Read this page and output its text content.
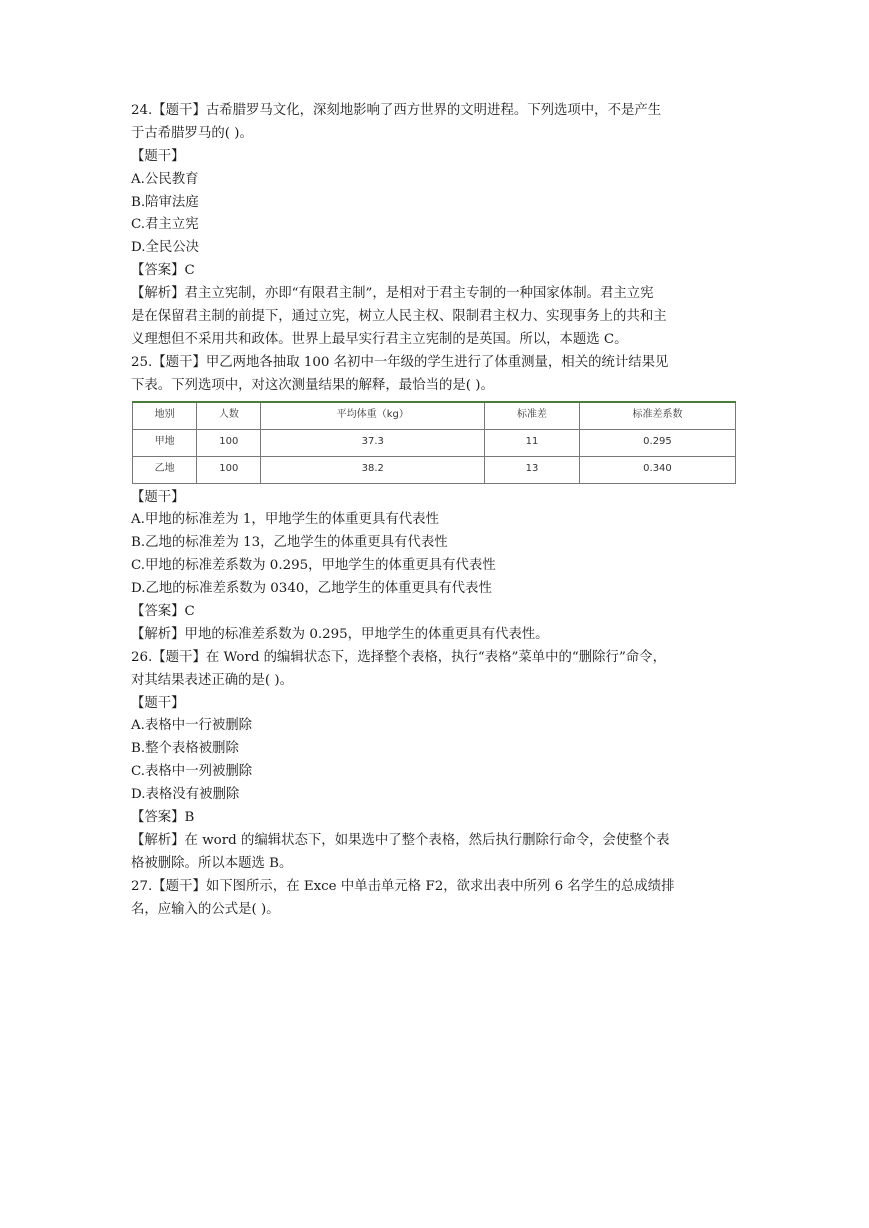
24.【题干】古希腊罗马文化，深刻地影响了西方世界的文明进程。下列选项中，不是产生
于古希腊罗马的( )。
【题干】
A.公民教育
B.陪审法庭
C.君主立宪
D.全民公决
【答案】C
【解析】君主立宪制，亦即“有限君主制”，是相对于君主专制的一种国家体制。君主立宪
是在保留君主制的前提下，通过立宪，树立人民主权、限制君主权力、实现事务上的共和主
义理想但不采用共和政体。世界上最早实行君主立宪制的是英国。所以，本题选 C。
25.【题干】甲乙两地各抽取 100 名初中一年级的学生进行了体重测量，相关的统计结果见
下表。下列选项中，对这次测量结果的解释，最恰当的是( )。
地别	人数	平均体重（kg）	标准差	标准差系数
甲地	100	37.3	11	0.295
乙地	100	38.2	13	0.340
【题干】
A.甲地的标准差为 1，甲地学生的体重更具有代表性
B.乙地的标准差为 13，乙地学生的体重更具有代表性
C.甲地的标准差系数为 0.295，甲地学生的体重更具有代表性
D.乙地的标准差系数为 0340，乙地学生的体重更具有代表性
【答案】C
【解析】甲地的标准差系数为 0.295，甲地学生的体重更具有代表性。
26.【题干】在 Word 的编辑状态下，选择整个表格，执行“表格”菜单中的“删除行”命令，
对其结果表述正确的是( )。
【题干】
A.表格中一行被删除
B.整个表格被删除
C.表格中一列被删除
D.表格没有被删除
【答案】B
【解析】在 word 的编辑状态下，如果选中了整个表格，然后执行删除行命令，会使整个表
格被删除。所以本题选 B。
27.【题干】如下图所示，在 Exce 中单击单元格 F2，欲求出表中所列 6 名学生的总成绩排
名，应输入的公式是( )。
